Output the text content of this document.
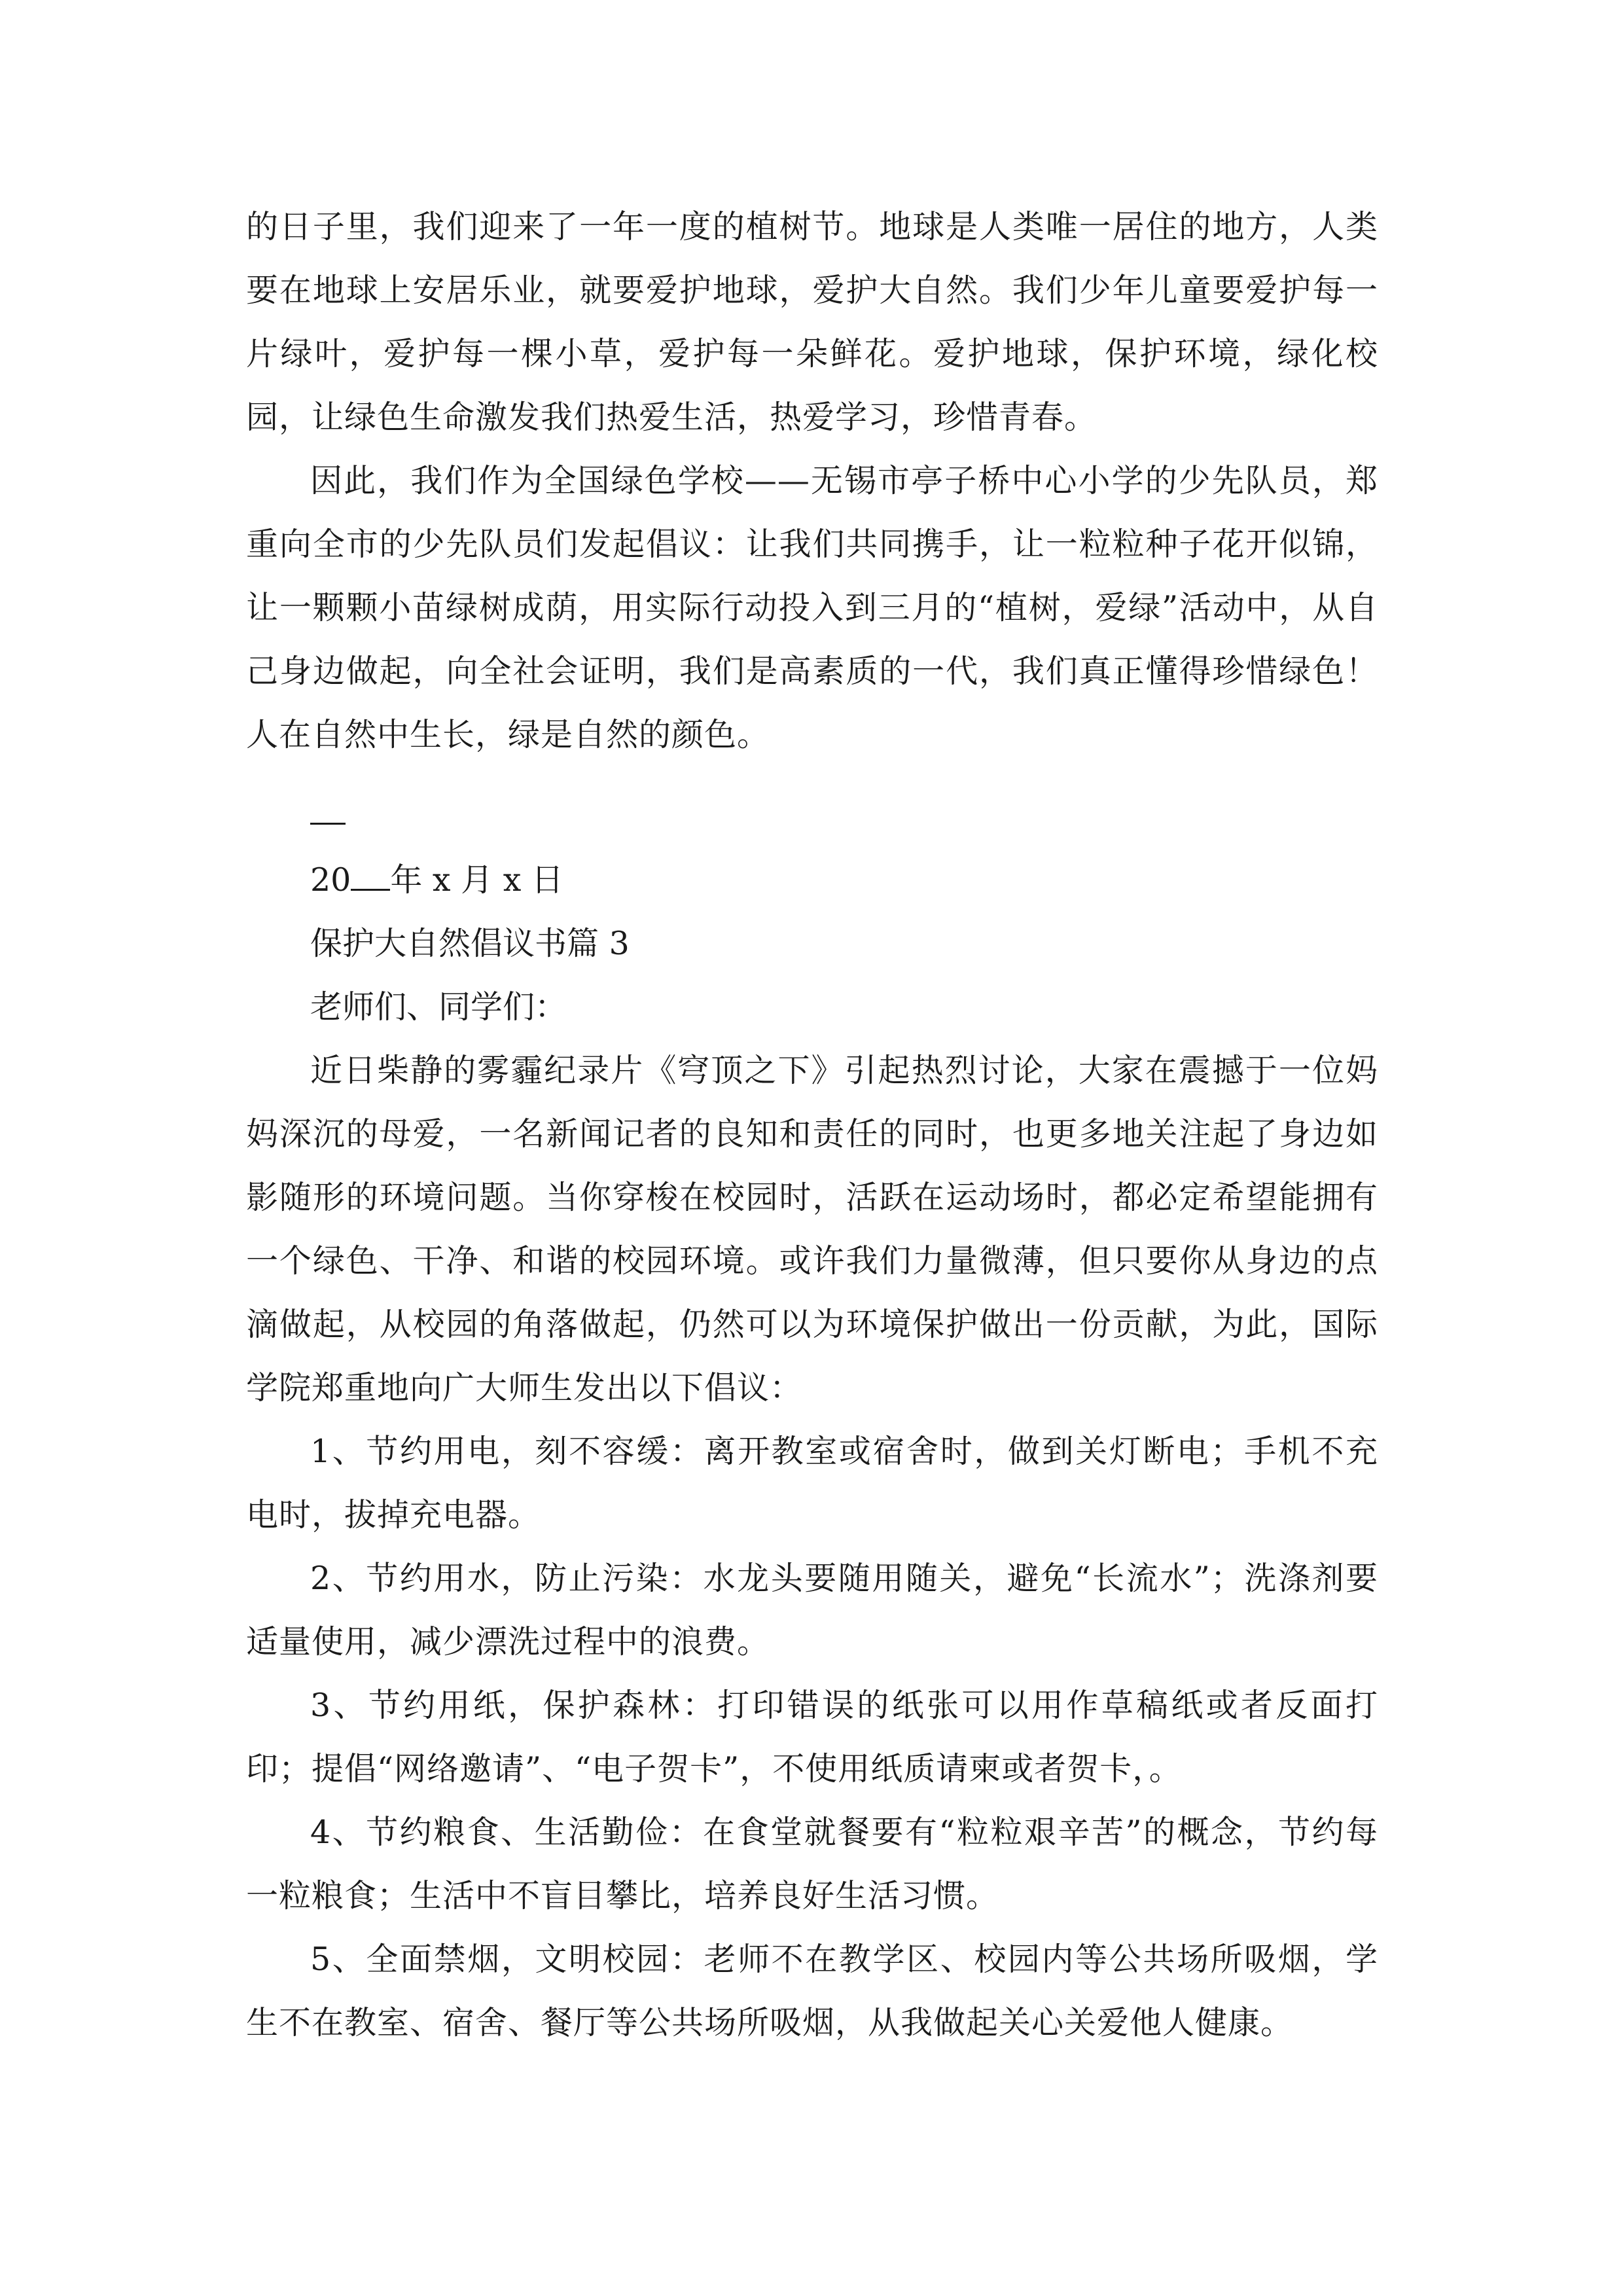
的日子里，我们迎来了一年一度的植树节。地球是人类唯一居住的地方，人类要在地球上安居乐业，就要爱护地球，爱护大自然。我们少年儿童要爱护每一片绿叶，爱护每一棵小草，爱护每一朵鲜花。爱护地球，保护环境，绿化校园，让绿色生命激发我们热爱生活，热爱学习，珍惜青春。

因此，我们作为全国绿色学校——无锡市亭子桥中心小学的少先队员，郑重向全市的少先队员们发起倡议：让我们共同携手，让一粒粒种子花开似锦，让一颗颗小苗绿树成荫，用实际行动投入到三月的“植树，爱绿”活动中，从自己身边做起，向全社会证明，我们是高素质的一代，我们真正懂得珍惜绿色！人在自然中生长，绿是自然的颜色。

20 年 x 月 x 日

保护大自然倡议书篇 3

老师们、同学们：

近日柴静的雾霾纪录片《穹顶之下》引起热烈讨论，大家在震撼于一位妈妈深沉的母爱，一名新闻记者的良知和责任的同时，也更多地关注起了身边如影随形的环境问题。当你穿梭在校园时，活跃在运动场时，都必定希望能拥有一个绿色、干净、和谐的校园环境。或许我们力量微薄，但只要你从身边的点滴做起，从校园的角落做起，仍然可以为环境保护做出一份贡献，为此，国际学院郑重地向广大师生发出以下倡议：

1、节约用电，刻不容缓：离开教室或宿舍时，做到关灯断电；手机不充电时，拔掉充电器。

2、节约用水，防止污染：水龙头要随用随关，避免“长流水”；洗涤剂要适量使用，减少漂洗过程中的浪费。

3、节约用纸，保护森林：打印错误的纸张可以用作草稿纸或者反面打印；提倡“网络邀请”、“电子贺卡”，不使用纸质请柬或者贺卡，。

4、节约粮食、生活勤俭：在食堂就餐要有“粒粒艰辛苦”的概念，节约每一粒粮食；生活中不盲目攀比，培养良好生活习惯。

5、全面禁烟，文明校园：老师不在教学区、校园内等公共场所吸烟，学生不在教室、宿舍、餐厅等公共场所吸烟，从我做起关心关爱他人健康。
